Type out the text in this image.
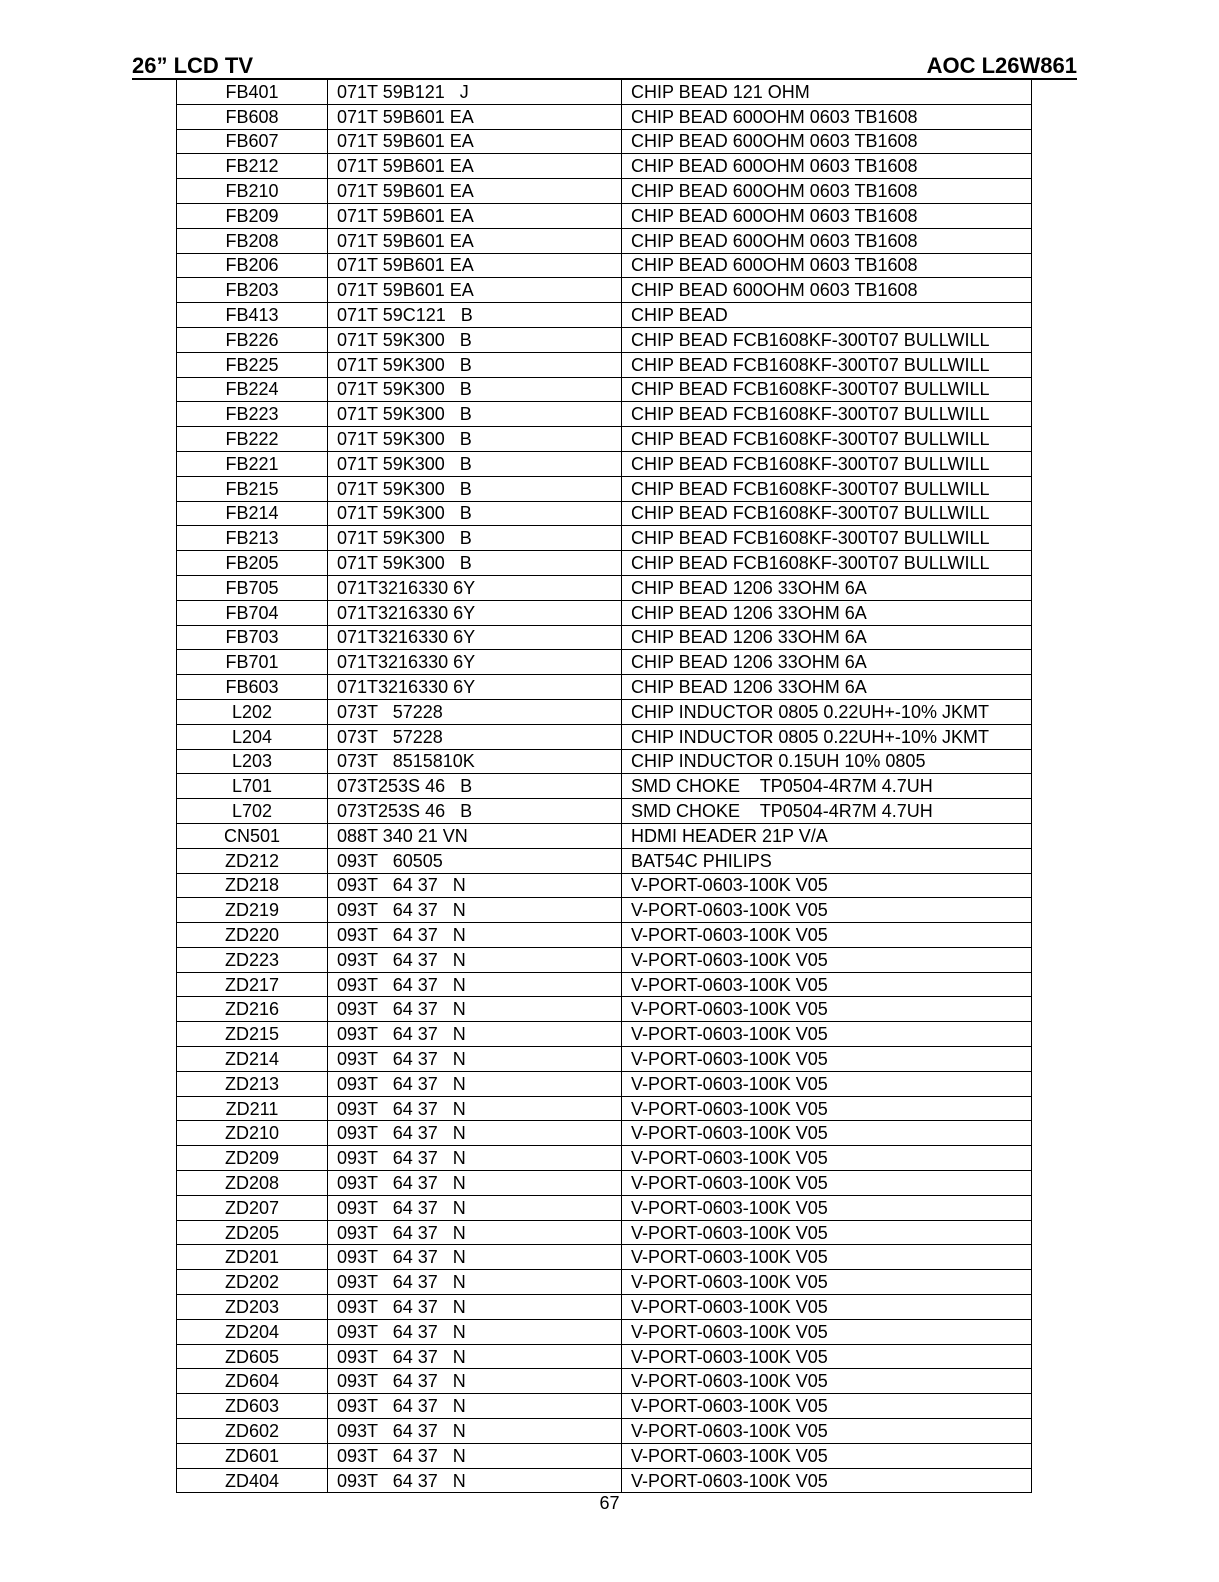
26” LCD TV	AOC L26W861
FB401	071T 59B121   J	CHIP BEAD 121 OHM
FB608	071T 59B601 EA	CHIP BEAD 600OHM 0603 TB1608
FB607	071T 59B601 EA	CHIP BEAD 600OHM 0603 TB1608
FB212	071T 59B601 EA	CHIP BEAD 600OHM 0603 TB1608
FB210	071T 59B601 EA	CHIP BEAD 600OHM 0603 TB1608
FB209	071T 59B601 EA	CHIP BEAD 600OHM 0603 TB1608
FB208	071T 59B601 EA	CHIP BEAD 600OHM 0603 TB1608
FB206	071T 59B601 EA	CHIP BEAD 600OHM 0603 TB1608
FB203	071T 59B601 EA	CHIP BEAD 600OHM 0603 TB1608
FB413	071T 59C121   B	CHIP BEAD
FB226	071T 59K300   B	CHIP BEAD FCB1608KF-300T07 BULLWILL
FB225	071T 59K300   B	CHIP BEAD FCB1608KF-300T07 BULLWILL
FB224	071T 59K300   B	CHIP BEAD FCB1608KF-300T07 BULLWILL
FB223	071T 59K300   B	CHIP BEAD FCB1608KF-300T07 BULLWILL
FB222	071T 59K300   B	CHIP BEAD FCB1608KF-300T07 BULLWILL
FB221	071T 59K300   B	CHIP BEAD FCB1608KF-300T07 BULLWILL
FB215	071T 59K300   B	CHIP BEAD FCB1608KF-300T07 BULLWILL
FB214	071T 59K300   B	CHIP BEAD FCB1608KF-300T07 BULLWILL
FB213	071T 59K300   B	CHIP BEAD FCB1608KF-300T07 BULLWILL
FB205	071T 59K300   B	CHIP BEAD FCB1608KF-300T07 BULLWILL
FB705	071T3216330 6Y	CHIP BEAD 1206 33OHM 6A
FB704	071T3216330 6Y	CHIP BEAD 1206 33OHM 6A
FB703	071T3216330 6Y	CHIP BEAD 1206 33OHM 6A
FB701	071T3216330 6Y	CHIP BEAD 1206 33OHM 6A
FB603	071T3216330 6Y	CHIP BEAD 1206 33OHM 6A
L202	073T   57228	CHIP INDUCTOR 0805 0.22UH+-10% JKMT
L204	073T   57228	CHIP INDUCTOR 0805 0.22UH+-10% JKMT
L203	073T   8515810K	CHIP INDUCTOR 0.15UH 10% 0805
L701	073T253S 46   B	SMD CHOKE    TP0504-4R7M 4.7UH
L702	073T253S 46   B	SMD CHOKE    TP0504-4R7M 4.7UH
CN501	088T 340 21 VN	HDMI HEADER 21P V/A
ZD212	093T   60505	BAT54C PHILIPS
ZD218	093T   64 37   N	V-PORT-0603-100K V05
ZD219	093T   64 37   N	V-PORT-0603-100K V05
ZD220	093T   64 37   N	V-PORT-0603-100K V05
ZD223	093T   64 37   N	V-PORT-0603-100K V05
ZD217	093T   64 37   N	V-PORT-0603-100K V05
ZD216	093T   64 37   N	V-PORT-0603-100K V05
ZD215	093T   64 37   N	V-PORT-0603-100K V05
ZD214	093T   64 37   N	V-PORT-0603-100K V05
ZD213	093T   64 37   N	V-PORT-0603-100K V05
ZD211	093T   64 37   N	V-PORT-0603-100K V05
ZD210	093T   64 37   N	V-PORT-0603-100K V05
ZD209	093T   64 37   N	V-PORT-0603-100K V05
ZD208	093T   64 37   N	V-PORT-0603-100K V05
ZD207	093T   64 37   N	V-PORT-0603-100K V05
ZD205	093T   64 37   N	V-PORT-0603-100K V05
ZD201	093T   64 37   N	V-PORT-0603-100K V05
ZD202	093T   64 37   N	V-PORT-0603-100K V05
ZD203	093T   64 37   N	V-PORT-0603-100K V05
ZD204	093T   64 37   N	V-PORT-0603-100K V05
ZD605	093T   64 37   N	V-PORT-0603-100K V05
ZD604	093T   64 37   N	V-PORT-0603-100K V05
ZD603	093T   64 37   N	V-PORT-0603-100K V05
ZD602	093T   64 37   N	V-PORT-0603-100K V05
ZD601	093T   64 37   N	V-PORT-0603-100K V05
ZD404	093T   64 37   N	V-PORT-0603-100K V05
67
